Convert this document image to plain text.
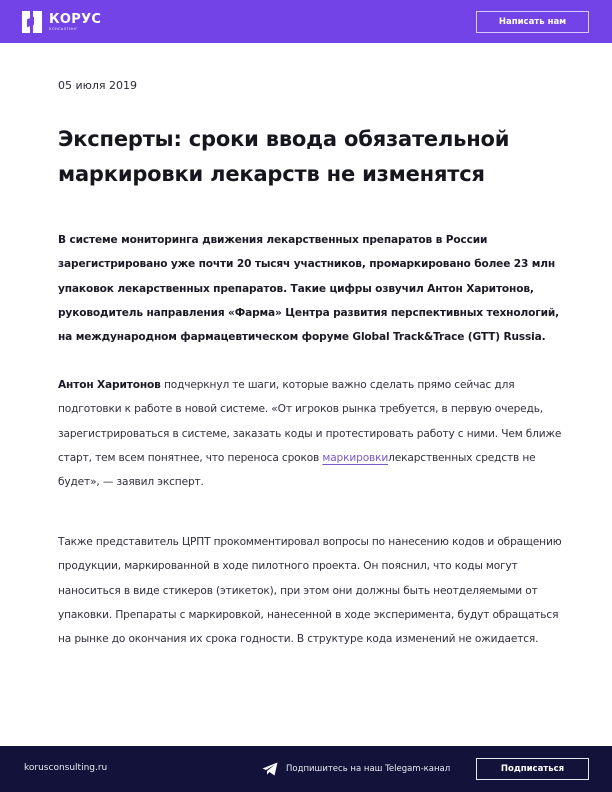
КОРУС
КОНСАЛТИНГ
Написать нам
05 июля 2019
Эксперты: сроки ввода обязательной маркировки лекарств не изменятся

В системе мониторинга движения лекарственных препаратов в России зарегистрировано уже почти 20 тысяч участников, промаркировано более 23 млн упаковок лекарственных препаратов. Такие цифры озвучил Антон Харитонов, руководитель направления «Фарма» Центра развития перспективных технологий, на международном фармацевтическом форуме Global Track&Trace (GTT) Russia.

Антон Харитонов подчеркнул те шаги, которые важно сделать прямо сейчас для подготовки к работе в новой системе. «От игроков рынка требуется, в первую очередь, зарегистрироваться в системе, заказать коды и протестировать работу с ними. Чем ближе старт, тем всем понятнее, что переноса сроков маркировкилекарственных средств не будет», — заявил эксперт.

Также представитель ЦРПТ прокомментировал вопросы по нанесению кодов и обращению продукции, маркированной в ходе пилотного проекта. Он пояснил, что коды могут наноситься в виде стикеров (этикеток), при этом они должны быть неотделяемыми от упаковки. Препараты с маркировкой, нанесенной в ходе эксперимента, будут обращаться на рынке до окончания их срока годности. В структуре кода изменений не ожидается.

korusconsulting.ru	Подпишитесь на наш Telegam-канал	Подписаться
